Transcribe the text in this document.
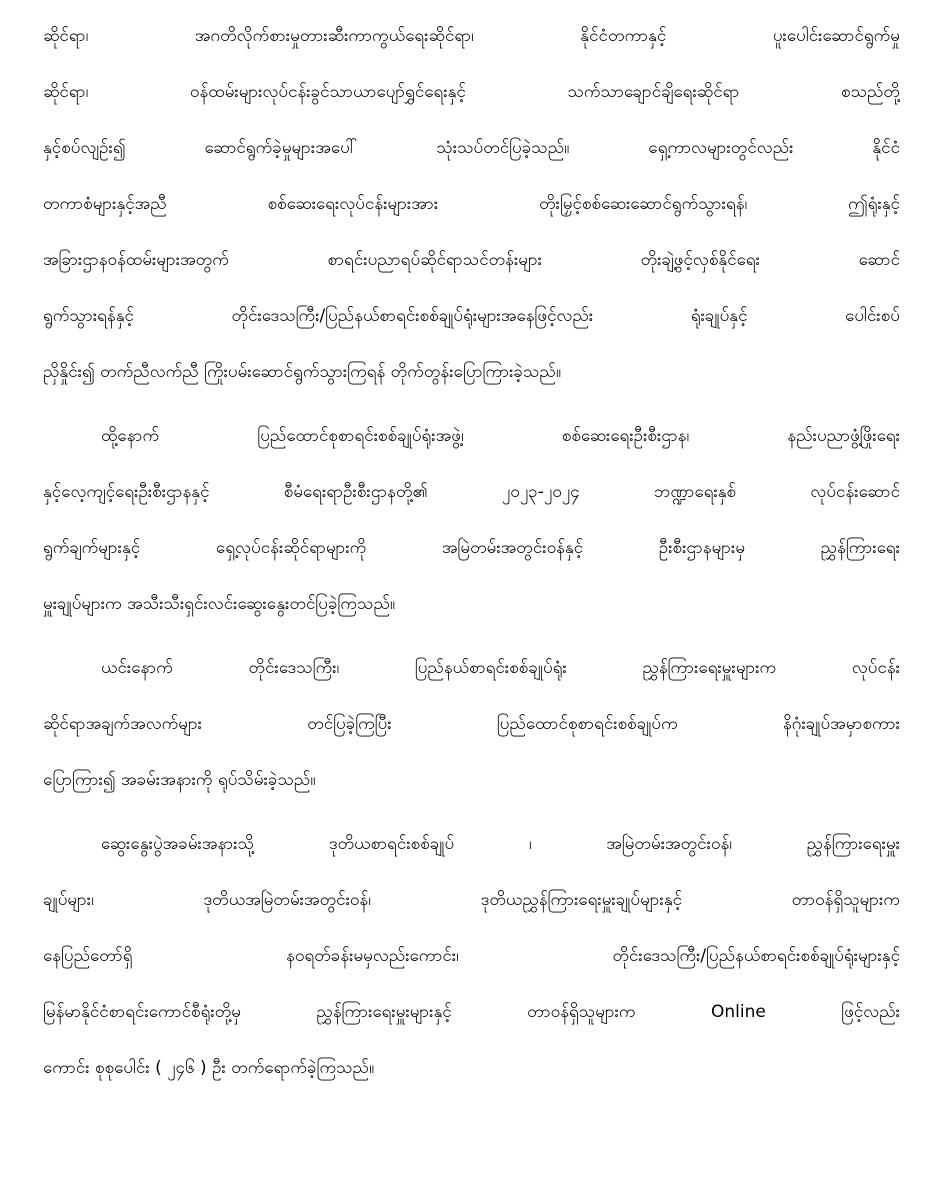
ဆိုင်ရာ၊ အဂတိလိုက်စားမှုတားဆီးကာကွယ်ရေးဆိုင်ရာ၊ နိုင်ငံတကာနှင့် ပူးပေါင်းဆောင်ရွက်မှု
ဆိုင်ရာ၊ ဝန်ထမ်းများလုပ်ငန်းခွင်သာယာပျော်ရွှင်ရေးနှင့် သက်သာချောင်ချိရေးဆိုင်ရာ စသည်တို့
နှင့်စပ်လျဉ်း၍ ဆောင်ရွက်ခဲ့မှုများအပေါ် သုံးသပ်တင်ပြခဲ့သည်။ ရှေ့ကာလများတွင်လည်း နိုင်ငံ
တကာစံများနှင့်အညီ စစ်ဆေးရေးလုပ်ငန်းများအား တိုးမြှင့်စစ်ဆေးဆောင်ရွက်သွားရန်၊ ဤရုံးနှင့်
အခြားဌာနဝန်ထမ်းများအတွက် စာရင်းပညာရပ်ဆိုင်ရာသင်တန်းများ တိုးချဲ့ဖွင့်လှစ်နိုင်ရေး ဆောင်
ရွက်သွားရန်နှင့် တိုင်းဒေသကြီး/ပြည်နယ်စာရင်းစစ်ချုပ်ရုံးများအနေဖြင့်လည်း ရုံးချုပ်နှင့် ပေါင်းစပ်
ညှိနှိုင်း၍ တက်ညီလက်ညီ ကြိုးပမ်းဆောင်ရွက်သွားကြရန် တိုက်တွန်းပြောကြားခဲ့သည်။
ထို့နောက် ပြည်ထောင်စုစာရင်းစစ်ချုပ်ရုံးအဖွဲ့၊ စစ်ဆေးရေးဦးစီးဌာန၊ နည်းပညာဖွံ့ဖြိုးရေး
နှင့်လေ့ကျင့်ရေးဦးစီးဌာနနှင့် စီမံရေးရာဦးစီးဌာနတို့၏ ၂၀၂၃-၂၀၂၄ ဘဏ္ဍာရေးနှစ် လုပ်ငန်းဆောင်
ရွက်ချက်များနှင့် ရှေ့လုပ်ငန်းဆိုင်ရာများကို အမြဲတမ်းအတွင်းဝန်နှင့် ဦးစီးဌာနများမှ ညွှန်ကြားရေး
မှူးချုပ်များက အသီးသီးရှင်းလင်းဆွေးနွေးတင်ပြခဲ့ကြသည်။
ယင်းနောက် တိုင်းဒေသကြီး၊ ပြည်နယ်စာရင်းစစ်ချုပ်ရုံး ညွှန်ကြားရေးမှူးများက လုပ်ငန်း
ဆိုင်ရာအချက်အလက်များ တင်ပြခဲ့ကြပြီး ပြည်ထောင်စုစာရင်းစစ်ချုပ်က နိဂုံးချုပ်အမှာစကား
ပြောကြား၍ အခမ်းအနားကို ရုပ်သိမ်းခဲ့သည်။
ဆွေးနွေးပွဲအခမ်းအနားသို့ ဒုတိယစာရင်းစစ်ချုပ် ၊ အမြဲတမ်းအတွင်းဝန်၊ ညွှန်ကြားရေးမှူး
ချုပ်များ၊ ဒုတိယအမြဲတမ်းအတွင်းဝန်၊ ဒုတိယညွှန်ကြားရေးမှူးချုပ်များနှင့် တာဝန်ရှိသူများက
နေပြည်တော်ရှိ နဝရတ်ခန်းမမှလည်းကောင်း၊ တိုင်းဒေသကြီး/ပြည်နယ်စာရင်းစစ်ချုပ်ရုံးများနှင့်
မြန်မာနိုင်ငံစာရင်းကောင်စီရုံးတို့မှ ညွှန်ကြားရေးမှူးများနှင့် တာဝန်ရှိသူများက Online ဖြင့်လည်း
ကောင်း စုစုပေါင်း ( ၂၄၆ ) ဦး တက်ရောက်ခဲ့ကြသည်။
